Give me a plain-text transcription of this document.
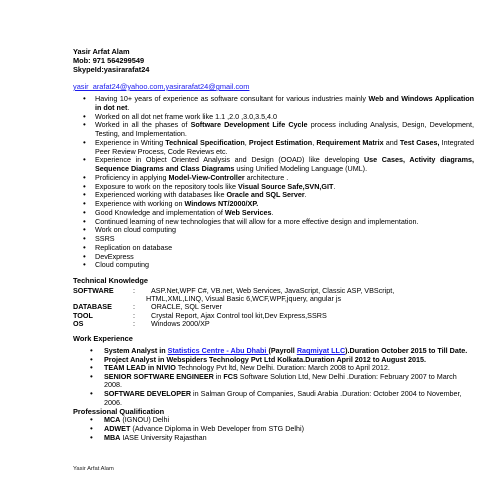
Yasir Arfat Alam
Mob: 971 564299549
SkypeId:yasirarafat24
yasir_arafat24@yahoo.com,yasirarafat24@gmail.com
• Having 10+ years of experience as software consultant for various industries mainly Web and Windows Application in dot net.
• Worked on all dot net frame work like 1.1 ,2.0 ,3.0,3.5,4.0
• Worked in all the phases of Software Development Life Cycle process including Analysis, Design, Development, Testing, and Implementation.
• Experience in Writing Technical Specification, Project Estimation, Requirement Matrix and Test Cases, Integrated Peer Review Process, Code Reviews etc.
• Experience in Object Oriented Analysis and Design (OOAD) like developing Use Cases, Activity diagrams, Sequence Diagrams and Class Diagrams using Unified Modeling Language (UML).
• Proficiency in applying Model-View-Controller architecture .
• Exposure to work on the repository tools like Visual Source Safe,SVN,GIT.
• Experienced working with databases like Oracle and SQL Server.
• Experience with working on Windows NT/2000/XP.
• Good Knowledge and implementation of Web Services.
• Continued learning of new technologies that will allow for a more effective design and implementation.
• Work on cloud computing
• SSRS
• Replication on database
• DevExpress
• Cloud computing
Technical Knowledge
SOFTWARE	:	ASP.Net,WPF C#, VB.net, Web Services, JavaScript, Classic ASP, VBScript,
HTML,XML,LINQ, Visual Basic 6,WCF,WPF,jquery, angular js
DATABASE	:	ORACLE, SQL Server
TOOL	:	Crystal Report, Ajax Control tool kit,Dev Express,SSRS
OS	:	Windows 2000/XP
Work Experience
• System Analyst in Statistics Centre - Abu Dhabi (Payroll Raqmiyat LLC).Duration October 2015 to Till Date.
• Project Analyst in Webspiders Technology Pvt Ltd Kolkata.Duration April 2012 to August 2015.
• TEAM LEAD in NIVIO Technology Pvt ltd, New Delhi. Duration: March 2008 to April 2012.
• SENIOR SOFTWARE ENGINEER in FCS Software Solution Ltd, New Delhi .Duration: February 2007 to March 2008.
• SOFTWARE DEVELOPER in Salman Group of Companies, Saudi Arabia .Duration: October 2004 to November, 2006.
Professional Qualification
• MCA (IGNOU) Delhi
• ADWET (Advance Diploma in Web Developer from STG Delhi)
• MBA IASE University Rajasthan
Yasir Arfat Alam
